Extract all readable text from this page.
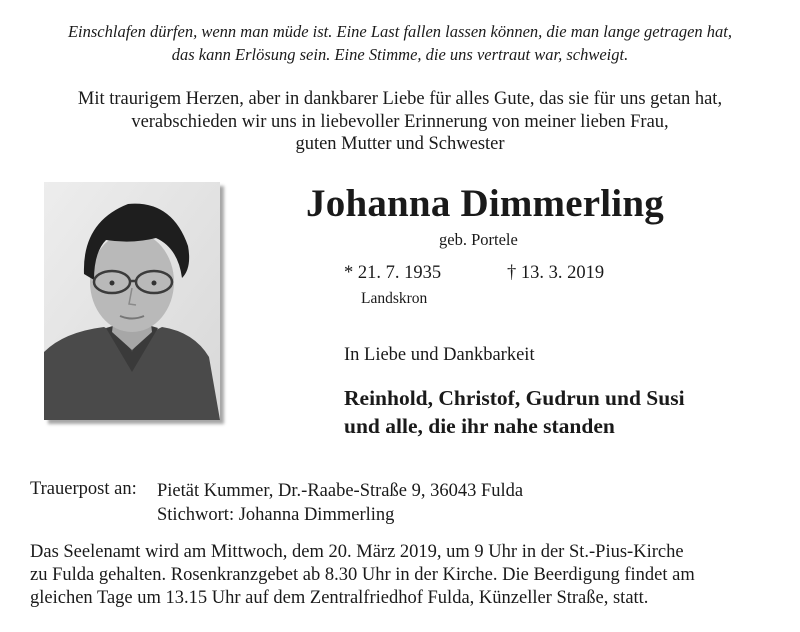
Einschlafen dürfen, wenn man müde ist. Eine Last fallen lassen können, die man lange getragen hat,
das kann Erlösung sein. Eine Stimme, die uns vertraut war, schweigt.
Mit traurigem Herzen, aber in dankbarer Liebe für alles Gute, das sie für uns getan hat,
verabschieden wir uns in liebevoller Erinnerung von meiner lieben Frau,
guten Mutter und Schwester
Johanna Dimmerling
geb. Portele
* 21. 7. 1935	† 13. 3. 2019
Landskron
In Liebe und Dankbarkeit
Reinhold, Christof, Gudrun und Susi
und alle, die ihr nahe standen
Trauerpost an: Pietät Kummer, Dr.-Raabe-Straße 9, 36043 Fulda
Stichwort: Johanna Dimmerling
Das Seelenamt wird am Mittwoch, dem 20. März 2019, um 9 Uhr in der St.-Pius-Kirche
zu Fulda gehalten. Rosenkranzgebet ab 8.30 Uhr in der Kirche. Die Beerdigung findet am
gleichen Tage um 13.15 Uhr auf dem Zentralfriedhof Fulda, Künzeller Straße, statt.
